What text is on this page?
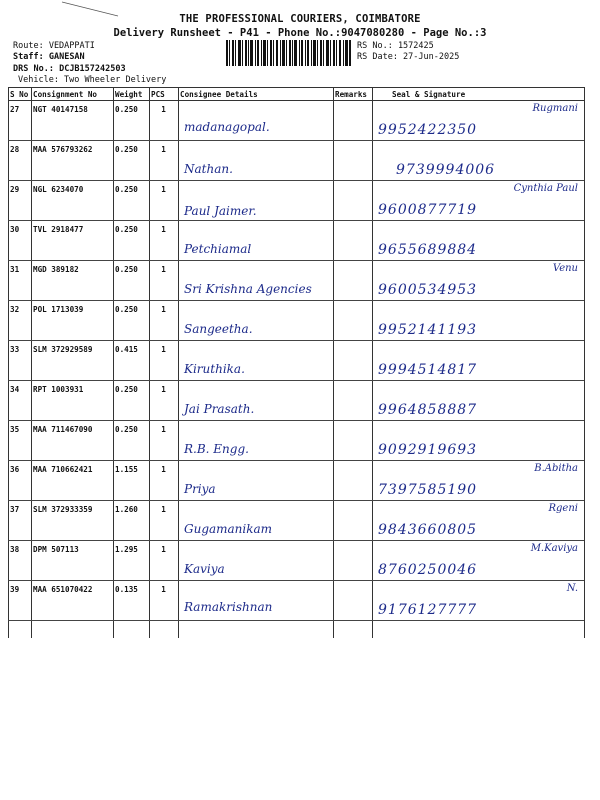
THE PROFESSIONAL COURIERS, COIMBATORE
Delivery Runsheet - P41 - Phone No.:9047080280 - Page No.:3
Route: VEDAPPATI
Staff: GANESAN
DRS No.: DCJB157242503
Vehicle: Two Wheeler Delivery
RS No.: 1572425
RS Date: 27-Jun-2025
S No	Consignment No	Weight	PCS	Consignee Details	Remarks	Seal & Signature

27	NGT 40147158	0.250	1	madanagopal.		9952422350
Rugmani

28	MAA 576793262	0.250	1	Nathan.		9739994006

29	NGL 6234070	0.250	1	Paul Jaimer.		9600877719
Cynthia Paul

30	TVL 2918477	0.250	1	Petchiamal		9655689884

31	MGD 389182	0.250	1	Sri Krishna Agencies		9600534953
Venu

32	POL 1713039	0.250	1	Sangeetha.		9952141193

33	SLM 372929589	0.415	1	Kiruthika.		9994514817

34	RPT 1003931	0.250	1	Jai Prasath.		9964858887

35	MAA 711467090	0.250	1	R.B. Engg.		9092919693

36	MAA 710662421	1.155	1	Priya		7397585190
B.Abitha

37	SLM 372933359	1.260	1	Gugamanikam		9843660805
Rgeni

38	DPM 507113	1.295	1	Kaviya		8760250046
M.Kaviya

39	MAA 651070422	0.135	1	Ramakrishnan		9176127777
N.
